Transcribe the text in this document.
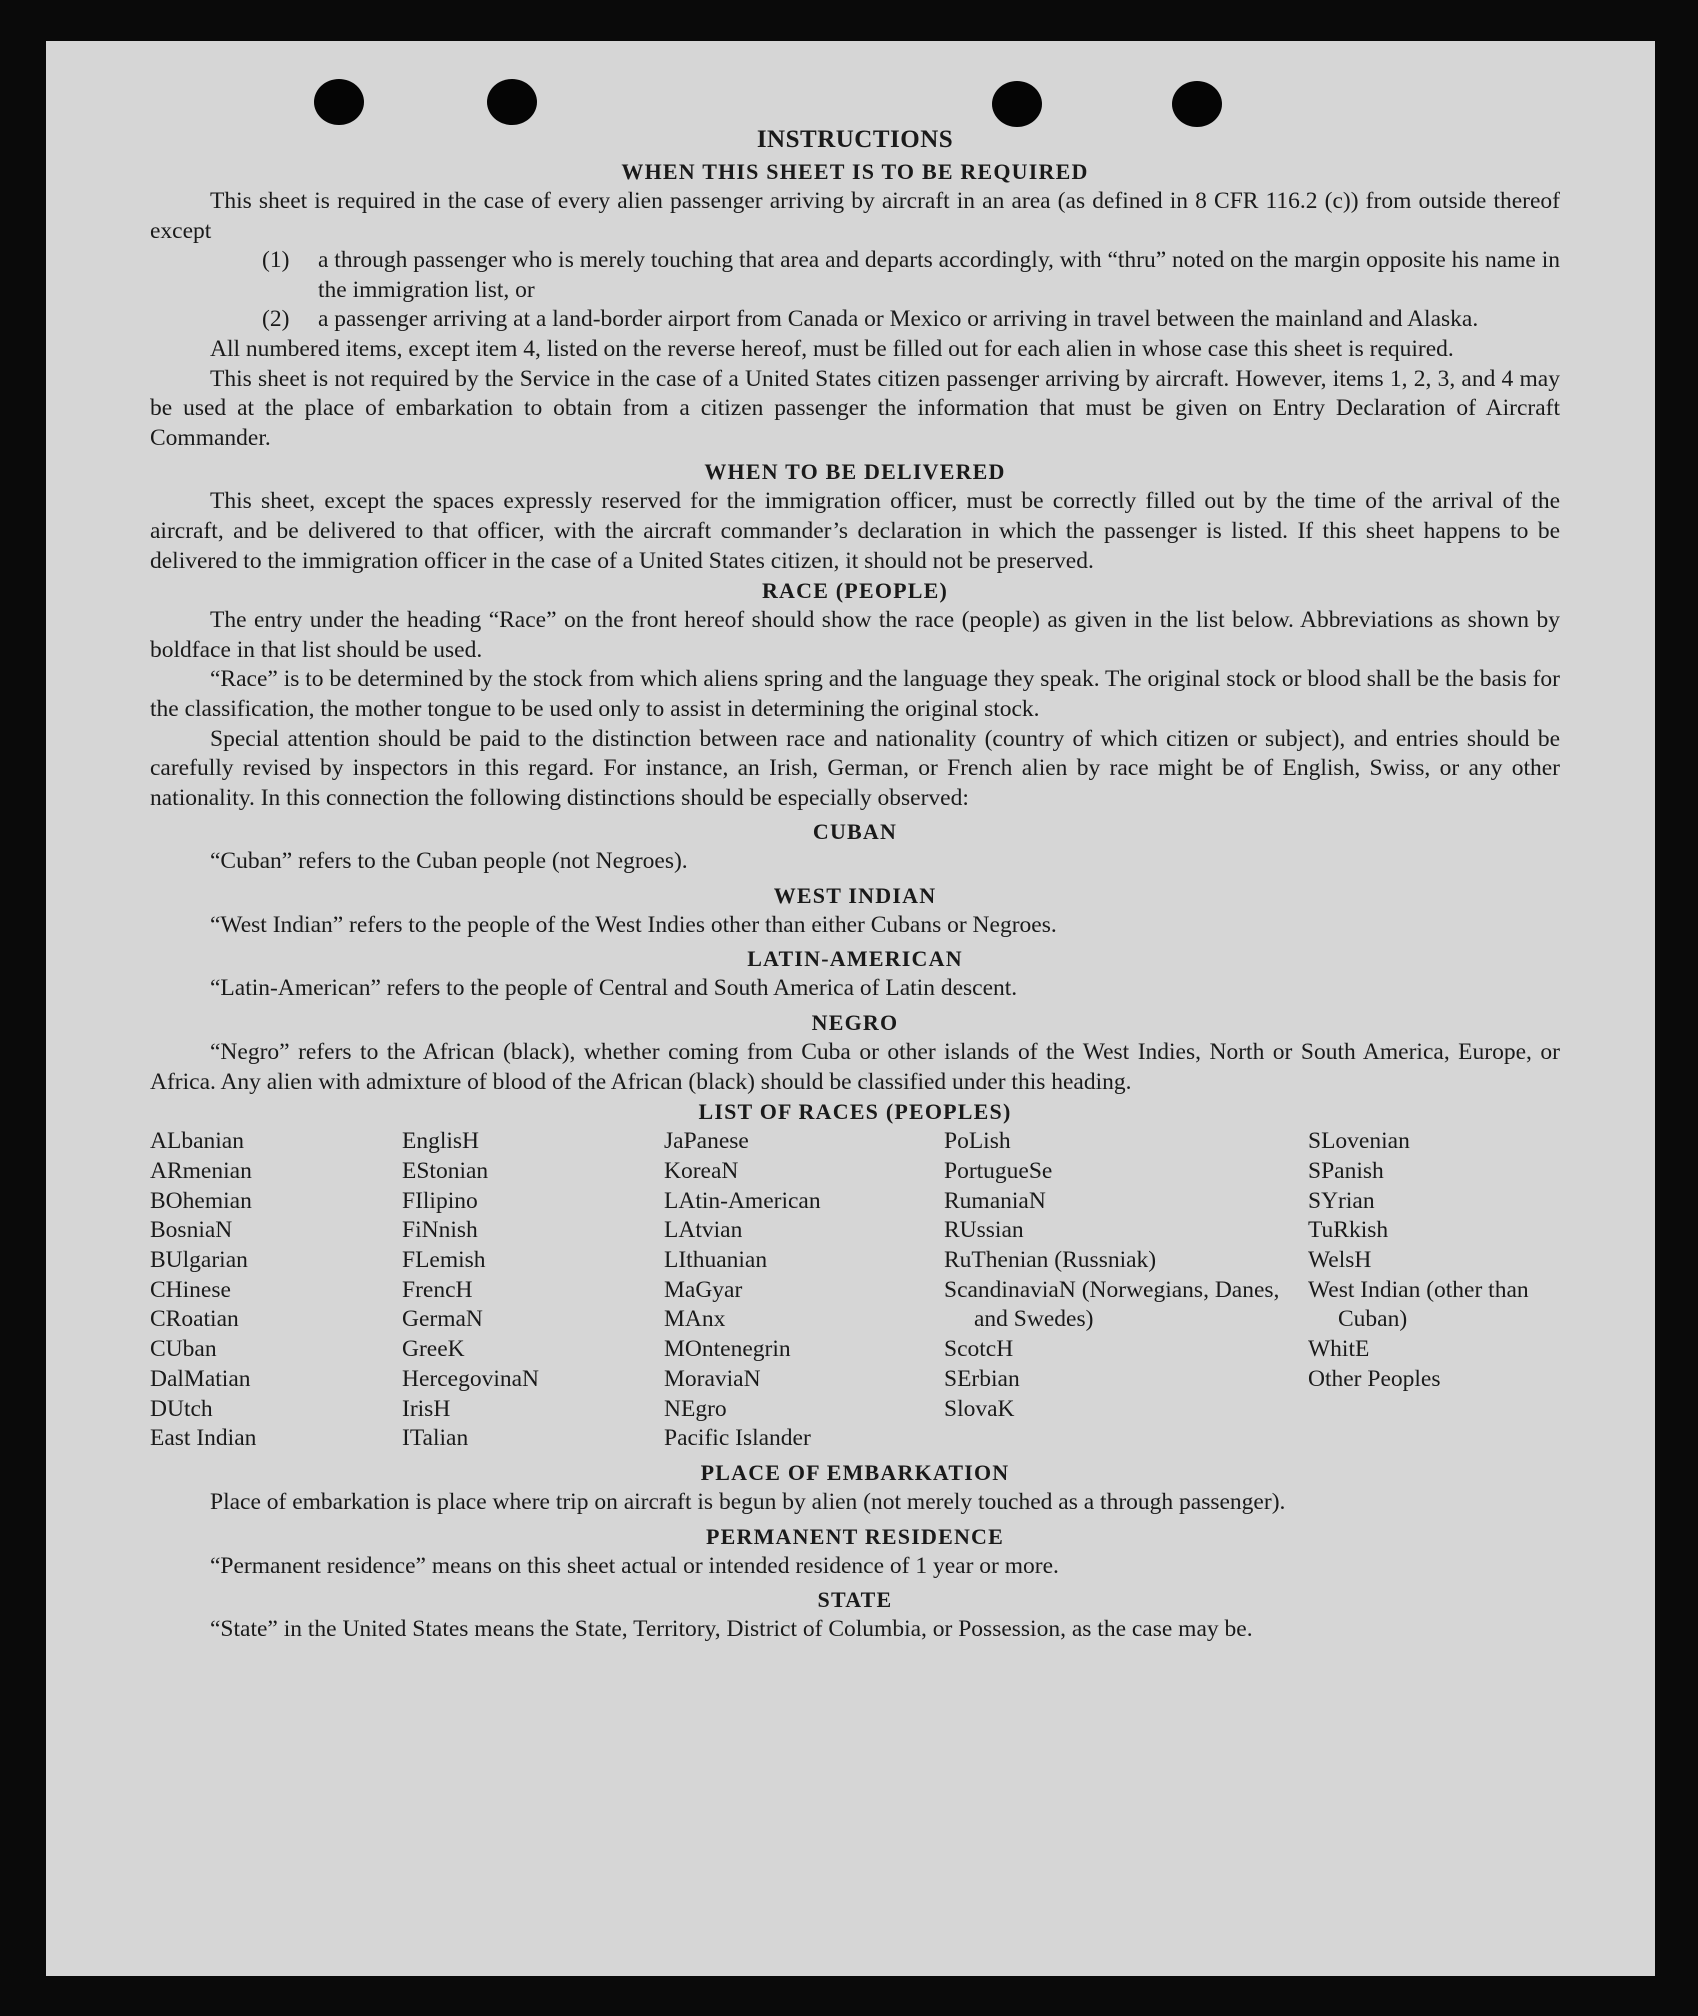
INSTRUCTIONS
WHEN THIS SHEET IS TO BE REQUIRED

This sheet is required in the case of every alien passenger arriving by aircraft in an area (as defined in 8 CFR 116.2 (c)) from outside thereof except

(1)	a through passenger who is merely touching that area and departs accordingly, with “thru” noted on the margin opposite his name in the immigration list, or
(2)	a passenger arriving at a land-border airport from Canada or Mexico or arriving in travel between the mainland and Alaska.

All numbered items, except item 4, listed on the reverse hereof, must be filled out for each alien in whose case this sheet is required.

This sheet is not required by the Service in the case of a United States citizen passenger arriving by aircraft. However, items 1, 2, 3, and 4 may be used at the place of embarkation to obtain from a citizen passenger the information that must be given on Entry Declaration of Aircraft Commander.

WHEN TO BE DELIVERED

This sheet, except the spaces expressly reserved for the immigration officer, must be correctly filled out by the time of the arrival of the aircraft, and be delivered to that officer, with the aircraft commander’s declaration in which the passenger is listed. If this sheet happens to be delivered to the immigration officer in the case of a United States citizen, it should not be preserved.

RACE (PEOPLE)

The entry under the heading “Race” on the front hereof should show the race (people) as given in the list below. Abbreviations as shown by boldface in that list should be used.

“Race” is to be determined by the stock from which aliens spring and the language they speak. The original stock or blood shall be the basis for the classification, the mother tongue to be used only to assist in determining the original stock.

Special attention should be paid to the distinction between race and nationality (country of which citizen or subject), and entries should be carefully revised by inspectors in this regard. For instance, an Irish, German, or French alien by race might be of English, Swiss, or any other nationality. In this connection the following distinctions should be especially observed:

CUBAN

“Cuban” refers to the Cuban people (not Negroes).

WEST INDIAN

“West Indian” refers to the people of the West Indies other than either Cubans or Negroes.

LATIN-AMERICAN

“Latin-American” refers to the people of Central and South America of Latin descent.

NEGRO

“Negro” refers to the African (black), whether coming from Cuba or other islands of the West Indies, North or South America, Europe, or Africa. Any alien with admixture of blood of the African (black) should be classified under this heading.

LIST OF RACES (PEOPLES)
ALbanian
ARmenian
BOhemian
BosniaN
BUlgarian
CHinese
CRoatian
CUban
DalMatian
DUtch
East Indian
EnglisH
EStonian
FIlipino
FiNnish
FLemish
FrencH
GermaN
GreeK
HercegovinaN
IrisH
ITalian
JaPanese
KoreaN
LAtin-American
LAtvian
LIthuanian
MaGyar
MAnx
MOntenegrin
MoraviaN
NEgro
Pacific Islander
PoLish
PortugueSe
RumaniaN
RUssian
RuThenian (Russniak)
ScandinaviaN (Norwegians, Danes, and Swedes)
ScotcH
SErbian
SlovaK
SLovenian
SPanish
SYrian
TuRkish
WelsH
West Indian (other than Cuban)
WhitE
Other Peoples
PLACE OF EMBARKATION

Place of embarkation is place where trip on aircraft is begun by alien (not merely touched as a through passenger).

PERMANENT RESIDENCE

“Permanent residence” means on this sheet actual or intended residence of 1 year or more.

STATE

“State” in the United States means the State, Territory, District of Columbia, or Possession, as the case may be.
